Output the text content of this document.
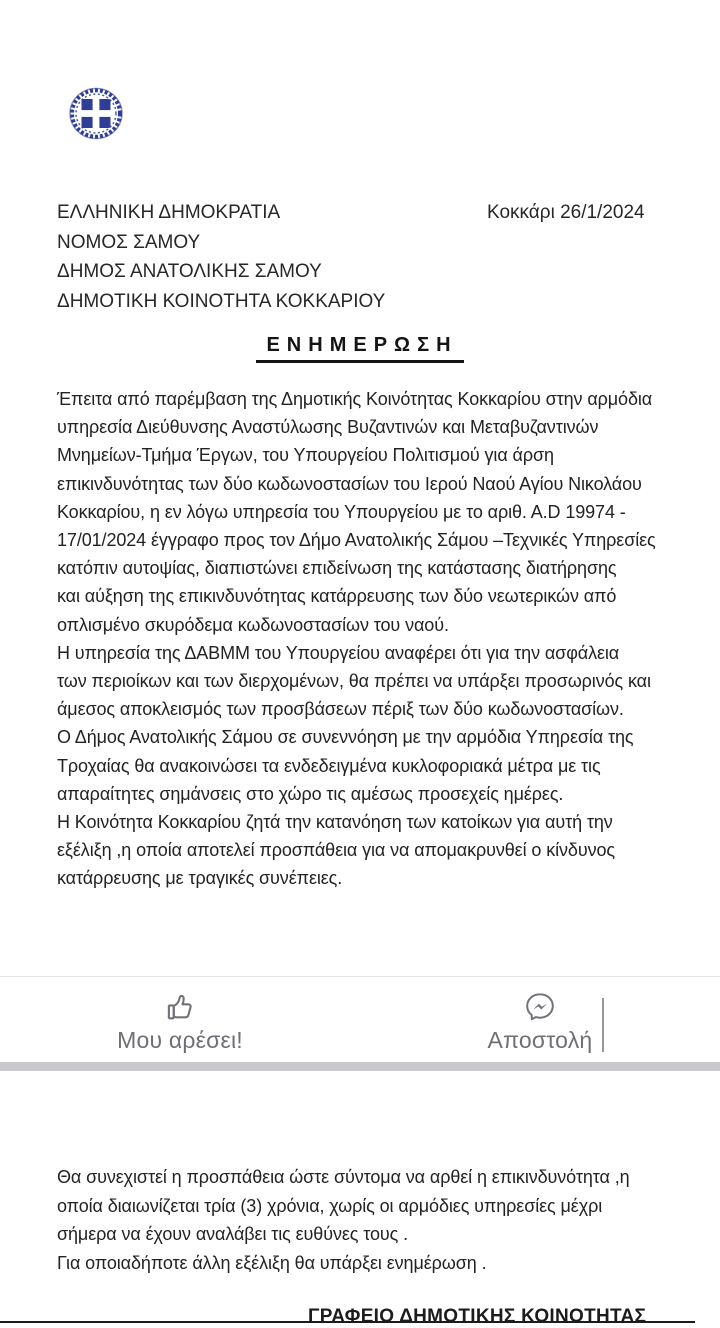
ΕΛΛΗΝΙΚΗ ΔΗΜΟΚΡΑΤΙΑ
ΝΟΜΟΣ ΣΑΜΟΥ
ΔΗΜΟΣ ΑΝΑΤΟΛΙΚΗΣ ΣΑΜΟΥ
ΔΗΜΟΤΙΚΗ ΚΟΙΝΟΤΗΤΑ ΚΟΚΚΑΡΙΟΥ
Κοκκάρι 26/1/2024
ΕΝΗΜΕΡΩΣΗ
Έπειτα από παρέμβαση της Δημοτικής Κοινότητας Κοκκαρίου στην αρμόδια
υπηρεσία Διεύθυνσης Αναστύλωσης Βυζαντινών και Μεταβυζαντινών
Μνημείων-Τμήμα Έργων, του Υπουργείου Πολιτισμού για άρση
επικινδυνότητας των δύο κωδωνοστασίων του Ιερού Ναού Αγίου Νικολάου
Κοκκαρίου, η εν λόγω υπηρεσία του Υπουργείου με το αριθ. Α.D 19974 -
17/01/2024 έγγραφο προς τον Δήμο Ανατολικής Σάμου –Τεχνικές Υπηρεσίες
κατόπιν αυτοψίας, διαπιστώνει επιδείνωση της κατάστασης διατήρησης
και αύξηση της επικινδυνότητας κατάρρευσης των δύο νεωτερικών από
οπλισμένο σκυρόδεμα κωδωνοστασίων του ναού.
Η υπηρεσία της ΔΑΒΜΜ του Υπουργείου αναφέρει ότι για την ασφάλεια
των περιοίκων και των διερχομένων, θα πρέπει να υπάρξει προσωρινός και
άμεσος αποκλεισμός των προσβάσεων πέριξ των δύο κωδωνοστασίων.
Ο Δήμος Ανατολικής Σάμου σε συνεννόηση με την αρμόδια Υπηρεσία της
Τροχαίας θα ανακοινώσει τα ενδεδειγμένα κυκλοφοριακά μέτρα με τις
απαραίτητες σημάνσεις στο χώρο τις αμέσως προσεχείς ημέρες.
Η Κοινότητα Κοκκαρίου ζητά την κατανόηση των κατοίκων για αυτή την
εξέλιξη ,η οποία αποτελεί προσπάθεια για να απομακρυνθεί ο κίνδυνος
κατάρρευσης με τραγικές συνέπειες.
Μου αρέσει!	Αποστολή
Θα συνεχιστεί η προσπάθεια ώστε σύντομα να αρθεί η επικινδυνότητα ,η
οποία διαιωνίζεται τρία (3) χρόνια, χωρίς οι αρμόδιες υπηρεσίες μέχρι
σήμερα να έχουν αναλάβει τις ευθύνες τους .
Για οποιαδήποτε άλλη εξέλιξη θα υπάρξει ενημέρωση .
ΓΡΑΦΕΙΟ ΔΗΜΟΤΙΚΗΣ ΚΟΙΝΟΤΗΤΑΣ
